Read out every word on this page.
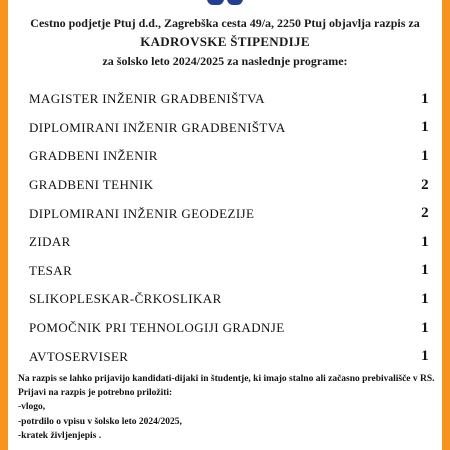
Cestno podjetje Ptuj d.d., Zagrebška cesta 49/a, 2250 Ptuj objavlja razpis za
KADROVSKE ŠTIPENDIJE
za šolsko leto 2024/2025 za naslednje programe:
MAGISTER INŽENIR GRADBENIŠTVA	1
DIPLOMIRANI INŽENIR GRADBENIŠTVA	1
GRADBENI INŽENIR	1
GRADBENI TEHNIK	2
DIPLOMIRANI INŽENIR GEODEZIJE	2
ZIDAR	1
TESAR	1
SLIKOPLESKAR-ČRKOSLIKAR	1
POMOČNIK PRI TEHNOLOGIJI GRADNJE	1
AVTOSERVISER	1
Na razpis se lahko prijavijo kandidati-dijaki in študentje, ki imajo stalno ali začasno prebivališče v RS.
Prijavi na razpis je potrebno priložiti:
-vlogo,
-potrdilo o vpisu v šolsko leto 2024/2025,
-kratek življenjepis .
